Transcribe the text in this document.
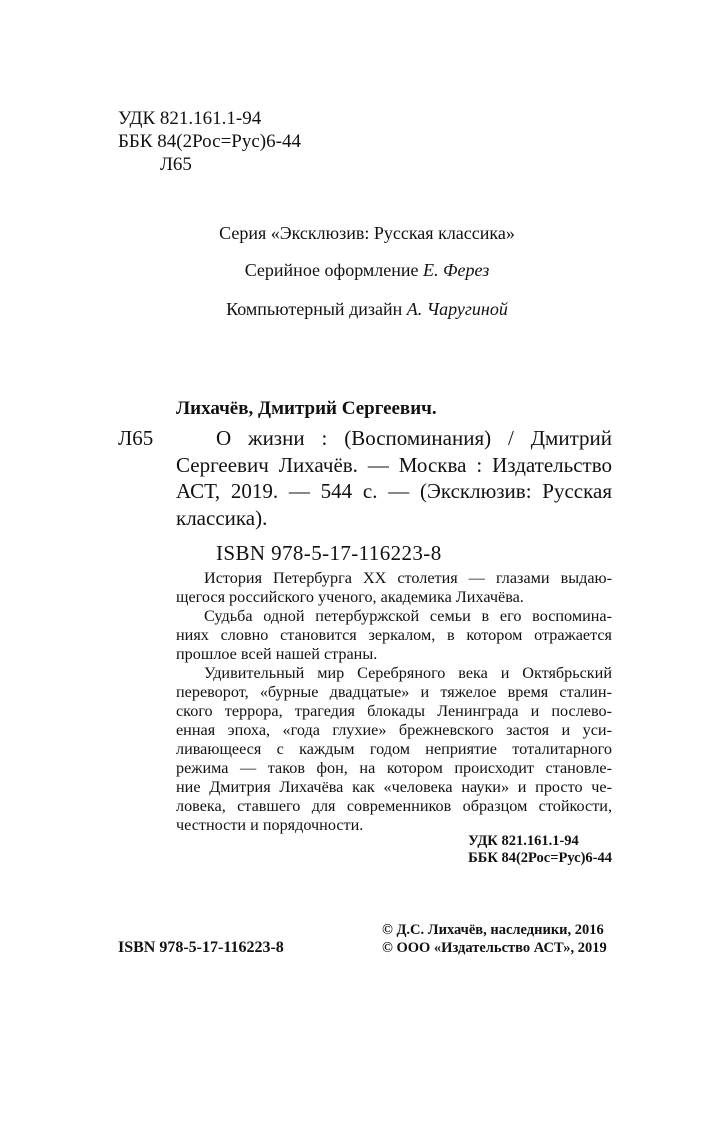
УДК 821.161.1-94
ББК 84(2Рос=Рус)6-44
Л65
Серия «Эксклюзив: Русская классика»
Серийное оформление Е. Ферез
Компьютерный дизайн А. Чаругиной
Лихачёв, Дмитрий Сергеевич.
Л65	О жизни : (Воспоминания) / Дмитрий
Сергеевич Лихачёв. — Москва : Издательство
АСТ, 2019. — 544 с. — (Эксклюзив: Русская
классика).
ISBN 978-5-17-116223-8
История Петербурга XX столетия — глазами выдаю-
щегося российского ученого, академика Лихачёва.
Судьба одной петербуржской семьи в его воспомина-
ниях словно становится зеркалом, в котором отражается
прошлое всей нашей страны.
Удивительный мир Серебряного века и Октябрьский
переворот, «бурные двадцатые» и тяжелое время сталин-
ского террора, трагедия блокады Ленинграда и послево-
енная эпоха, «года глухие» брежневского застоя и уси-
ливающееся с каждым годом неприятие тоталитарного
режима — таков фон, на котором происходит становле-
ние Дмитрия Лихачёва как «человека науки» и просто че-
ловека, ставшего для современников образцом стойкости,
честности и порядочности.
УДК 821.161.1-94
ББК 84(2Рос=Рус)6-44
© Д.С. Лихачёв, наследники, 2016
© ООО «Издательство АСТ», 2019
ISBN 978-5-17-116223-8
